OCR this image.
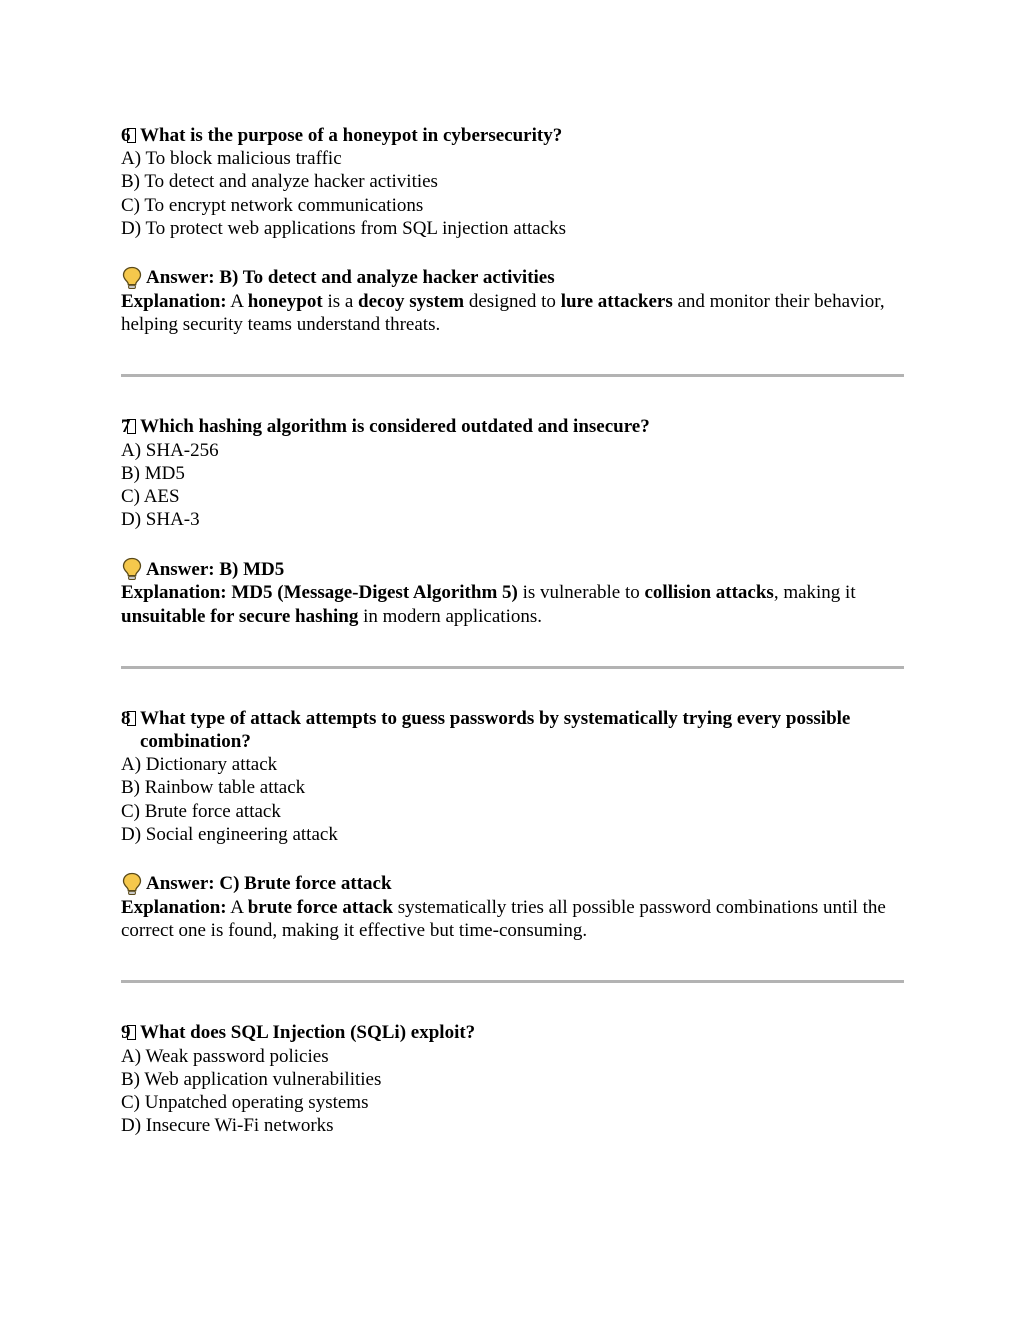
6 What is the purpose of a honeypot in cybersecurity?
A) To block malicious traffic
B) To detect and analyze hacker activities
C) To encrypt network communications
D) To protect web applications from SQL injection attacks
Answer: B) To detect and analyze hacker activities
Explanation: A honeypot is a decoy system designed to lure attackers and monitor their behavior, helping security teams understand threats.
7 Which hashing algorithm is considered outdated and insecure?
A) SHA-256
B) MD5
C) AES
D) SHA-3
Answer: B) MD5
Explanation: MD5 (Message-Digest Algorithm 5) is vulnerable to collision attacks, making it unsuitable for secure hashing in modern applications.
8 What type of attack attempts to guess passwords by systematically trying every possible combination?
A) Dictionary attack
B) Rainbow table attack
C) Brute force attack
D) Social engineering attack
Answer: C) Brute force attack
Explanation: A brute force attack systematically tries all possible password combinations until the correct one is found, making it effective but time-consuming.
9 What does SQL Injection (SQLi) exploit?
A) Weak password policies
B) Web application vulnerabilities
C) Unpatched operating systems
D) Insecure Wi-Fi networks
